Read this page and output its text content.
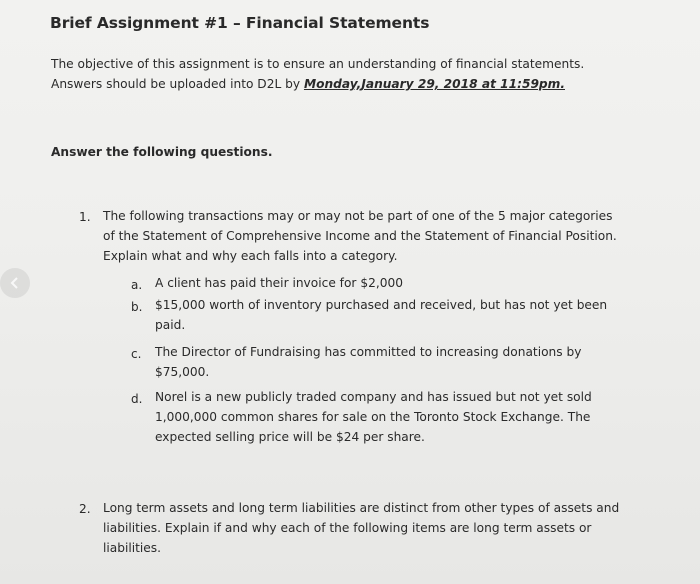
Brief Assignment #1 – Financial Statements
The objective of this assignment is to ensure an understanding of financial statements.
Answers should be uploaded into D2L by Monday,January 29, 2018 at 11:59pm.
Answer the following questions.
1. The following transactions may or may not be part of one of the 5 major categories
of the Statement of Comprehensive Income and the Statement of Financial Position.
Explain what and why each falls into a category.
a. A client has paid their invoice for $2,000
b. $15,000 worth of inventory purchased and received, but has not yet been
paid.
c. The Director of Fundraising has committed to increasing donations by
$75,000.
d. Norel is a new publicly traded company and has issued but not yet sold
1,000,000 common shares for sale on the Toronto Stock Exchange. The
expected selling price will be $24 per share.
2. Long term assets and long term liabilities are distinct from other types of assets and
liabilities. Explain if and why each of the following items are long term assets or
liabilities.
